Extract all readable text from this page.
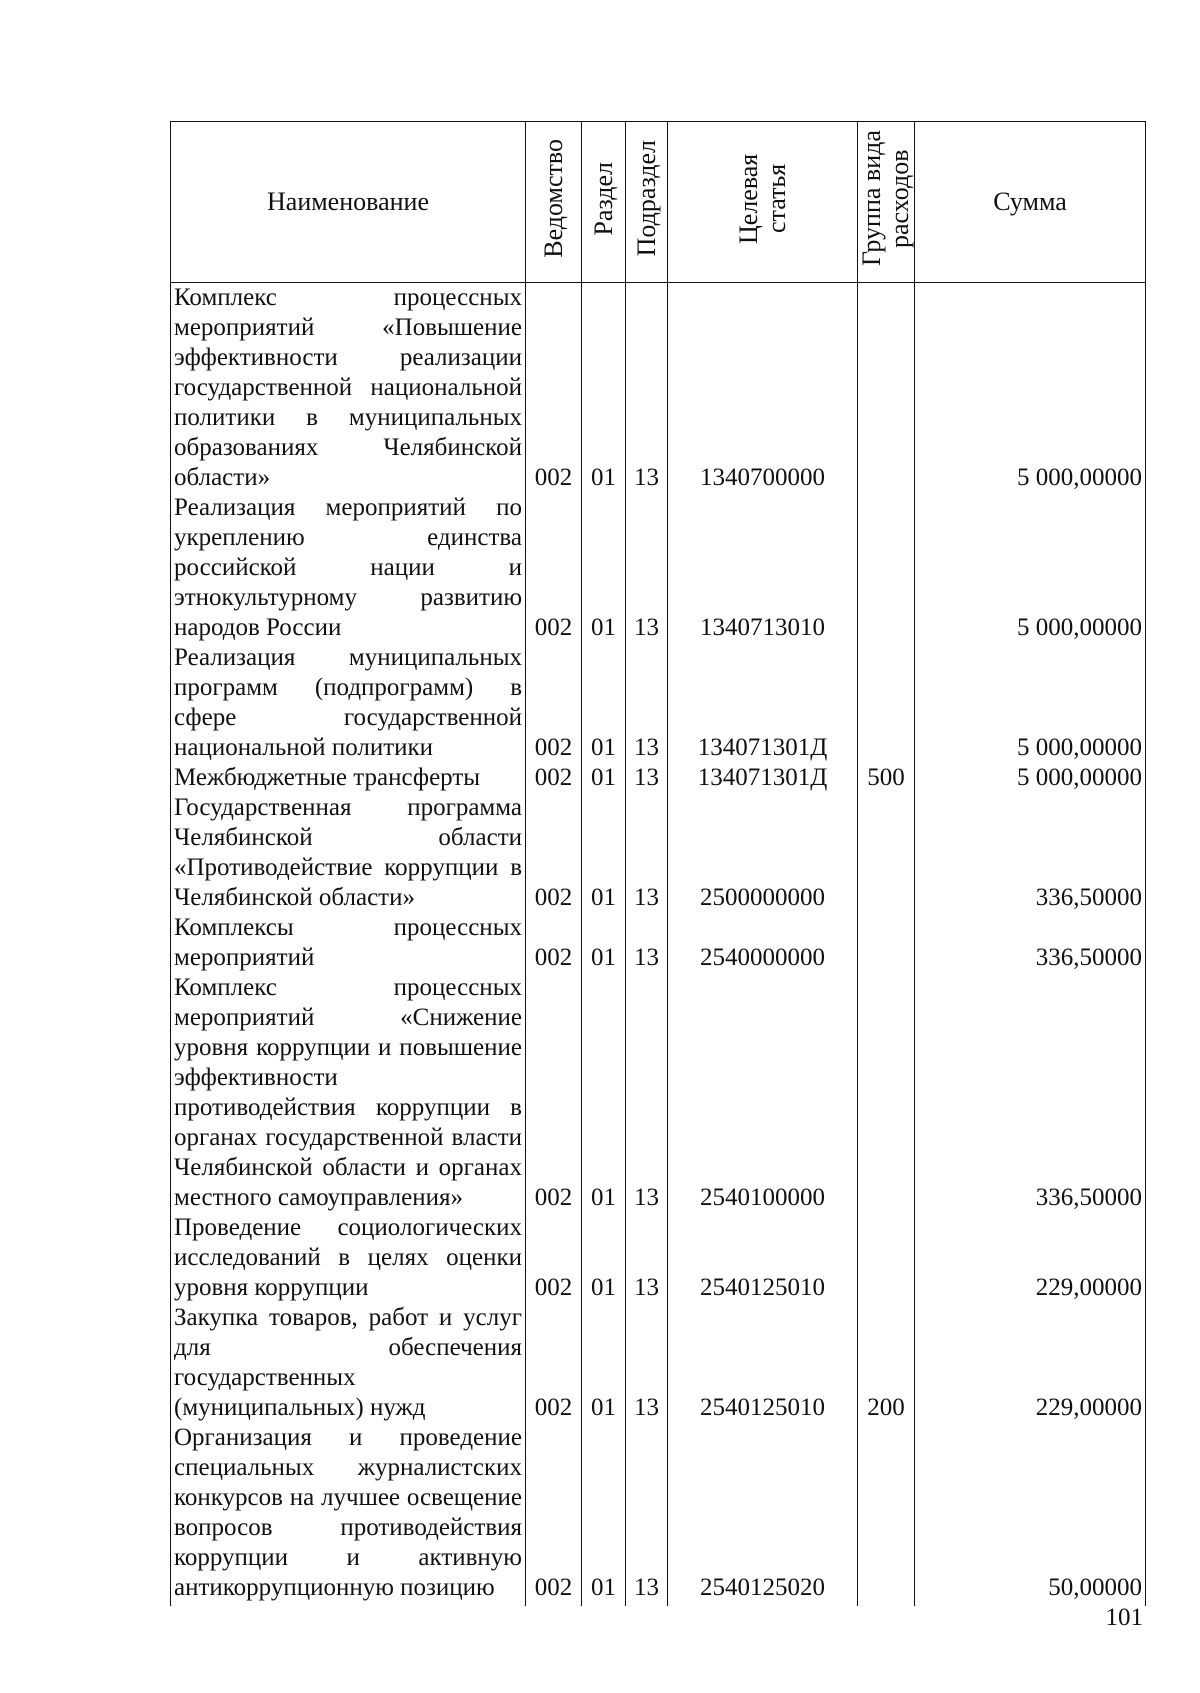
Наименование	Ведомство	Раздел	Подраздел	Целевая статья	Группа вида расходов	Сумма
Комплекс процессных мероприятий «Повышение эффективности реализации государственной национальной политики в муниципальных образованиях Челябинской области»	002	01	13	1340700000		5 000,00000
Реализация мероприятий по укреплению единства российской нации и этнокультурному развитию народов России	002	01	13	1340713010		5 000,00000
Реализация муниципальных программ (подпрограмм) в сфере государственной национальной политики	002	01	13	134071301Д		5 000,00000
Межбюджетные трансферты	002	01	13	134071301Д	500	5 000,00000
Государственная программа Челябинской области «Противодействие коррупции в Челябинской области»	002	01	13	2500000000		336,50000
Комплексы процессных мероприятий	002	01	13	2540000000		336,50000
Комплекс процессных мероприятий «Снижение уровня коррупции и повышение эффективности противодействия коррупции в органах государственной власти Челябинской области и органах местного самоуправления»	002	01	13	2540100000		336,50000
Проведение социологических исследований в целях оценки уровня коррупции	002	01	13	2540125010		229,00000
Закупка товаров, работ и услуг для обеспечения государственных (муниципальных) нужд	002	01	13	2540125010	200	229,00000
Организация и проведение специальных журналистских конкурсов на лучшее освещение вопросов противодействия коррупции и активную антикоррупционную позицию	002	01	13	2540125020		50,00000
101
